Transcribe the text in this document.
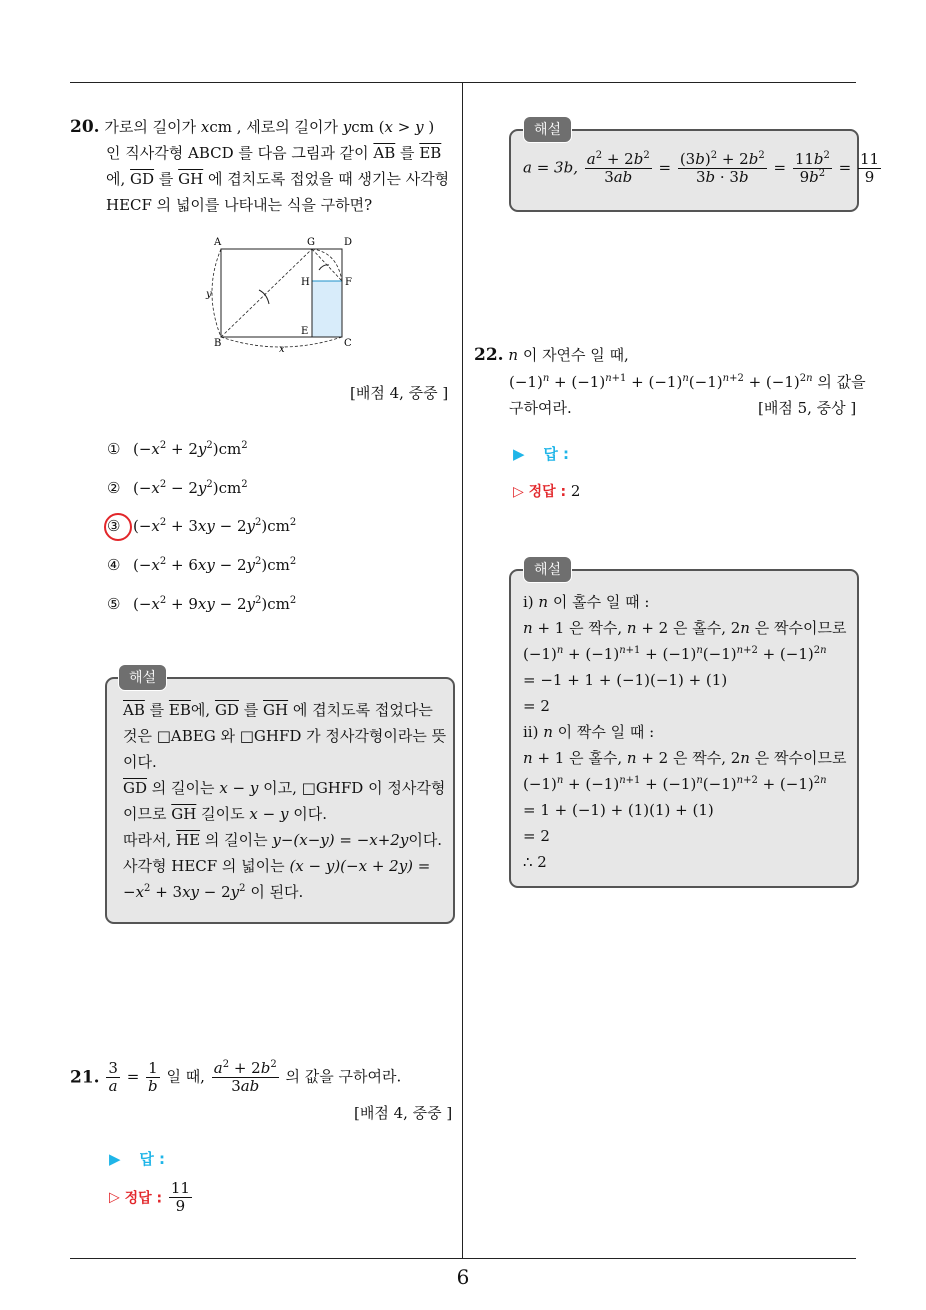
20. 가로의 길이가 xcm , 세로의 길이가 ycm (x > y )
인 직사각형 ABCD 를 다음 그림과 같이 $\overline{AB}$ 를 $\overline{EB}$
에, $\overline{GD}$ 를 $\overline{GH}$ 에 겹치도록 접었을 때 생기는 사각형
HECF 의 넓이를 나타내는 식을 구하면?
A	G	D
H	F
E
B	C
x
y
[배점 4, 중중 ]
① $(-x^2 + 2y^2)cm^2$
② $(-x^2 - 2y^2)cm^2$
③ $(-x^2 + 3xy - 2y^2)cm^2$
④ $(-x^2 + 6xy - 2y^2)cm^2$
⑤ $(-x^2 + 9xy - 2y^2)cm^2$
$\overline{AB}$ 를 $\overline{EB}$에, $\overline{GD}$ 를 $\overline{GH}$ 에 겹치도록 접었다는
것은 □ABEG 와 □GHFD 가 정사각형이라는 뜻
이다.
$\overline{GD}$ 의 길이는 x − y 이고, □GHFD 이 정사각형
이므로 $\overline{GH}$ 길이도 x − y 이다.
따라서, $\overline{HE}$ 의 길이는 y−(x−y) = −x+2y이다.
사각형 HECF 의 넓이는 (x − y)(−x + 2y) =
$-x^2 + 3xy - 2y^2$ 이 된다.
해설
21. $\frac{3}{a} = \frac{1}{b}$ 일 때, $\frac{a^2 + 2b^2}{3ab}$ 의 값을 구하여라.
[배점 4, 중중 ]
▶ 답 :
▷ 정답 : $\frac{11}{9}$
a = 3b, $\frac{a^2 + 2b^2}{3ab} = \frac{(3b)^2 + 2b^2}{3b \cdot 3b} = \frac{11b^2}{9b^2} = \frac{11}{9}$
해설
22. n 이 자연수 일 때,
$(-1)^n + (-1)^{n+1} + (-1)^n(-1)^{n+2} + (-1)^{2n}$ 의 값을
구하여라.	[배점 5, 중상 ]
▶ 답 :
▷ 정답 : 2
i) n 이 홀수 일 때 :
n + 1 은 짝수, n + 2 은 홀수, 2n 은 짝수이므로
$(-1)^n + (-1)^{n+1} + (-1)^n(-1)^{n+2} + (-1)^{2n}$
= −1 + 1 + (−1)(−1) + (1)
= 2
ii) n 이 짝수 일 때 :
n + 1 은 홀수, n + 2 은 짝수, 2n 은 짝수이므로
$(-1)^n + (-1)^{n+1} + (-1)^n(-1)^{n+2} + (-1)^{2n}$
= 1 + (−1) + (1)(1) + (1)
= 2
∴ 2
해설
6
